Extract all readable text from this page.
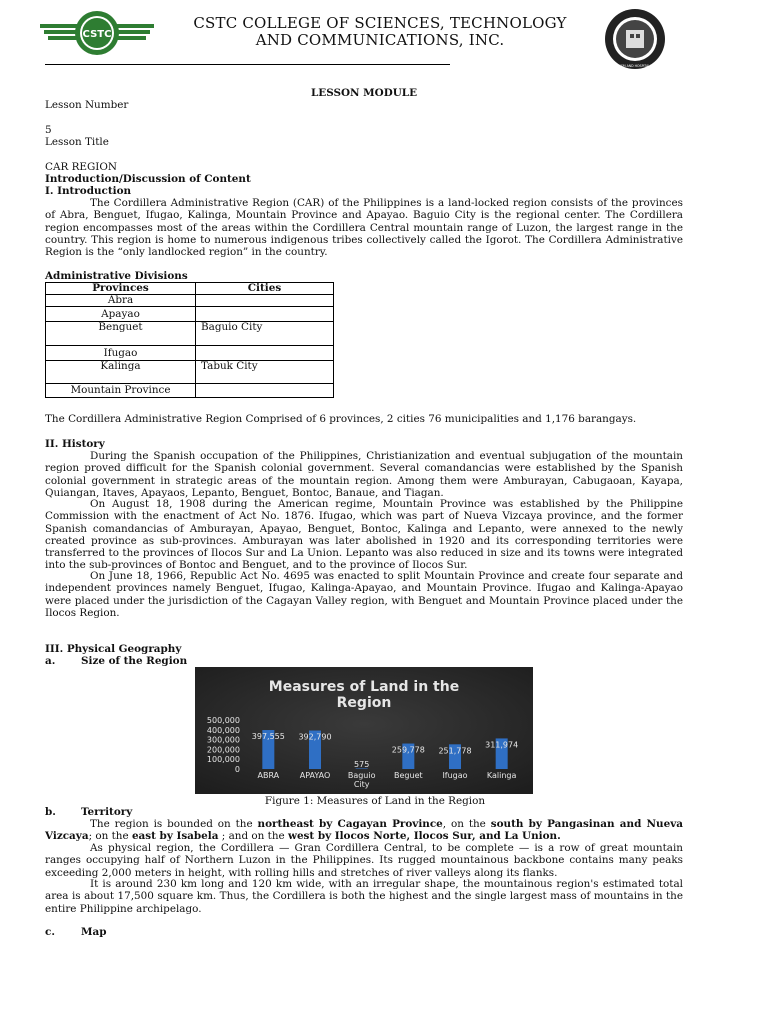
CSTC
CSTC COLLEGE OF SCIENCES, TECHNOLOGY
AND COMMUNICATIONS, INC.
SCHOOL OF TOURISM AND HOSPITALITY MANAGEMENT
LESSON MODULE
Lesson Number
5
Lesson Title
CAR REGION
Introduction/Discussion of Content
I. Introduction
The Cordillera Administrative Region (CAR) of the Philippines is a land-locked region consists of the provinces of Abra, Benguet, Ifugao, Kalinga, Mountain Province and Apayao. Baguio City is the regional center. The Cordillera region encompasses most of the areas within the Cordillera Central mountain range of Luzon, the largest range in the country. This region is home to numerous indigenous tribes collectively called the Igorot. The Cordillera Administrative Region is the “only landlocked region” in the country.
Administrative Divisions
Provinces	Cities
Abra	
Apayao	
Benguet	Baguio City
Ifugao	
Kalinga	Tabuk City
Mountain Province	
The Cordillera Administrative Region Comprised of 6 provinces, 2 cities 76 municipalities and 1,176 barangays.
II. History
During the Spanish occupation of the Philippines, Christianization and eventual subjugation of the mountain region proved difficult for the Spanish colonial government. Several comandancias were established by the Spanish colonial government in strategic areas of the mountain region. Among them were Amburayan, Cabugaoan, Kayapa, Quiangan, Itaves, Apayaos, Lepanto, Benguet, Bontoc, Banaue, and Tiagan.
On August 18, 1908 during the American regime, Mountain Province was established by the Philippine Commission with the enactment of Act No. 1876. Ifugao, which was part of Nueva Vizcaya province, and the former Spanish comandancias of Amburayan, Apayao, Benguet, Bontoc, Kalinga and Lepanto, were annexed to the newly created province as sub-provinces. Amburayan was later abolished in 1920 and its corresponding territories were transferred to the provinces of Ilocos Sur and La Union. Lepanto was also reduced in size and its towns were integrated into the sub-provinces of Bontoc and Benguet, and to the province of Ilocos Sur.
On June 18, 1966, Republic Act No. 4695 was enacted to split Mountain Province and create four separate and independent provinces namely Benguet, Ifugao, Kalinga-Apayao, and Mountain Province. Ifugao and Kalinga-Apayao were placed under the jurisdiction of the Cagayan Valley region, with Benguet and Mountain Province placed under the Ilocos Region.
III. Physical Geography
a. Size of the Region
Measures of Land in the
Region
500,000
400,000
300,000
200,000
100,000
0
397,555 392,790
575
259,778 251,778
311,974
ABRA	APAYAO Baguio
City
Beguet Ifugao Kalinga
Figure 1: Measures of Land in the Region
b. Territory
The region is bounded on the northeast by Cagayan Province, on the south by Pangasinan and Nueva Vizcaya; on the east by Isabela ; and on the west by Ilocos Norte, Ilocos Sur, and La Union.
As physical region, the Cordillera — Gran Cordillera Central, to be complete — is a row of great mountain ranges occupying half of Northern Luzon in the Philippines. Its rugged mountainous backbone contains many peaks exceeding 2,000 meters in height, with rolling hills and stretches of river valleys along its flanks.
It is around 230 km long and 120 km wide, with an irregular shape, the mountainous region's estimated total area is about 17,500 square km. Thus, the Cordillera is both the highest and the single largest mass of mountains in the entire Philippine archipelago.
c.	Map
